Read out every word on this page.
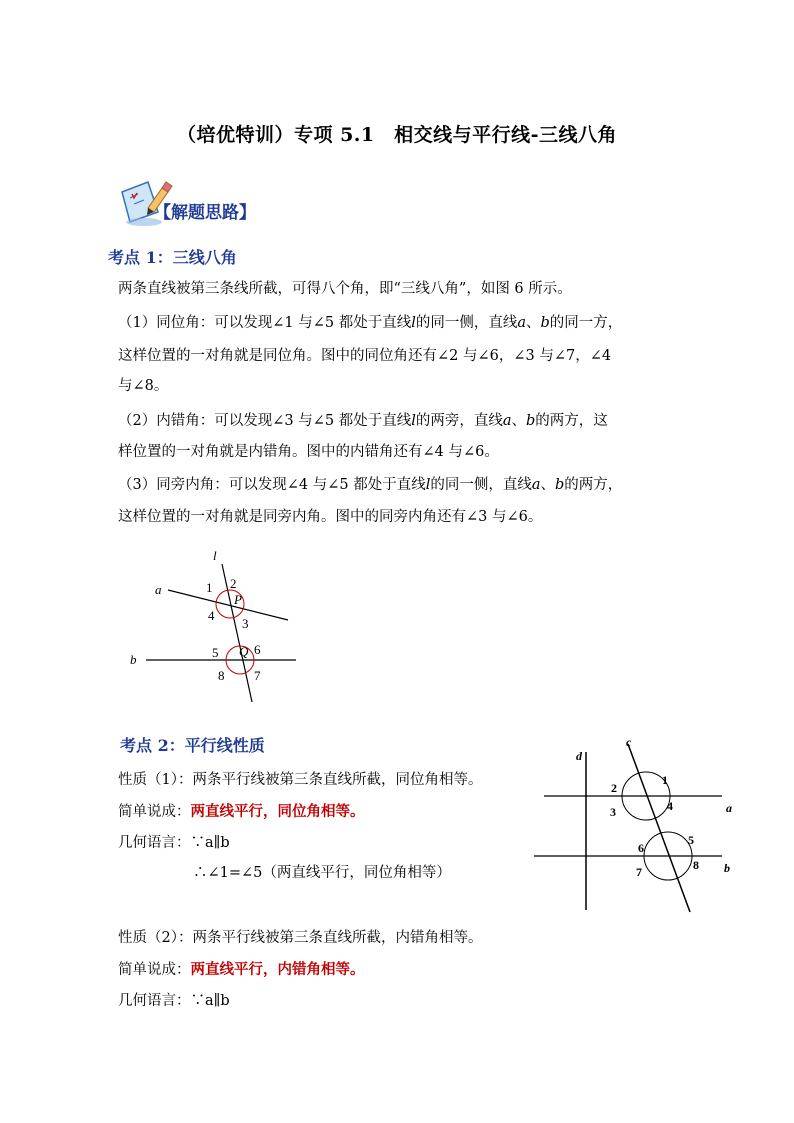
（培优特训）专项 5.1　相交线与平行线-三线八角
【解题思路】
考点 1：三线八角
两条直线被第三条线所截，可得八个角，即“三线八角”，如图 6 所示。
（1）同位角：可以发现∠1 与∠5 都处于直线l的同一侧，直线a、b的同一方，
这样位置的一对角就是同位角。图中的同位角还有∠2 与∠6，∠3 与∠7，∠4
与∠8。
（2）内错角：可以发现∠3 与∠5 都处于直线l的两旁，直线a、b的两方，这
样位置的一对角就是内错角。图中的内错角还有∠4 与∠6。
（3）同旁内角：可以发现∠4 与∠5 都处于直线l的同一侧，直线a、b的两方，
这样位置的一对角就是同旁内角。图中的同旁内角还有∠3 与∠6。
l
a
b
P
Q
1 2
3
4
5	6
7
8
考点 2：平行线性质
性质（1）：两条平行线被第三条直线所截，同位角相等。
简单说成：两直线平行，同位角相等。
几何语言：∵a∥b
∴∠1=∠5（两直线平行，同位角相等）
c
d
a
b
1
2
3	4
5
6
7	8
性质（2）：两条平行线被第三条直线所截，内错角相等。
简单说成：两直线平行，内错角相等。
几何语言：∵a∥b
